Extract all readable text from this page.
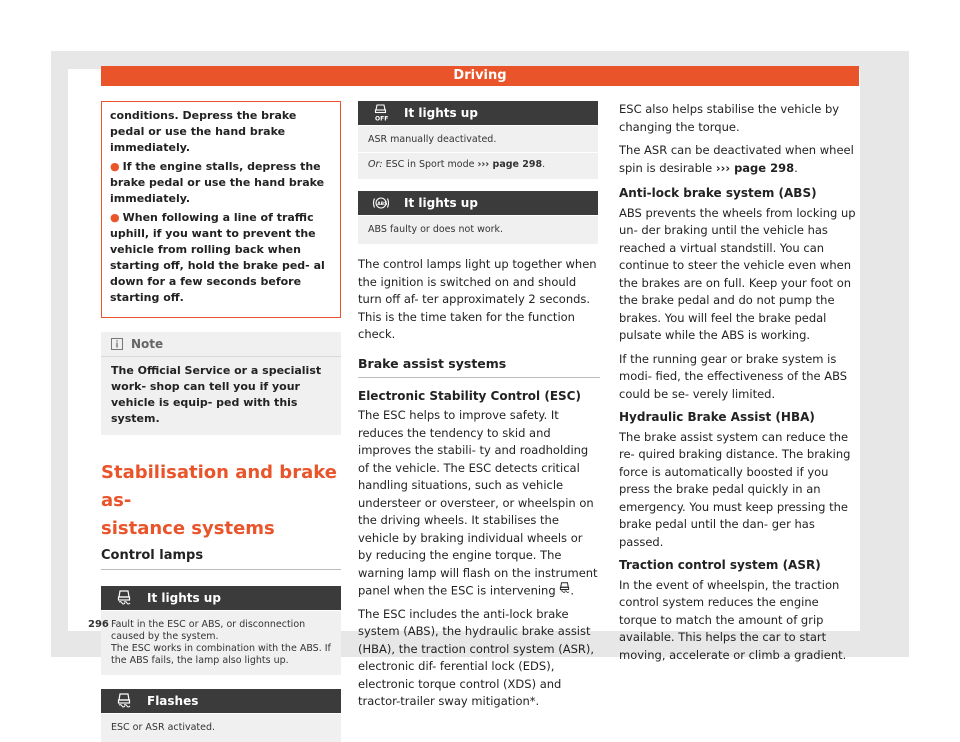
Driving

conditions. Depress the brake pedal or use the hand brake immediately.

● If the engine stalls, depress the brake pedal or use the hand brake immediately.

● When following a line of traffic uphill, if you want to prevent the vehicle from rolling back when starting off, hold the brake ped- al down for a few seconds before starting off.

Note
The Official Service or a specialist work- shop can tell you if your vehicle is equip- ped with this system.
Stabilisation and brake as-
sistance systems
Control lamps
It lights up
Fault in the ESC or ABS, or disconnection caused by the system.
The ESC works in combination with the ABS. If the ABS fails, the lamp also lights up.
Flashes
ESC or ASR activated.
OFF It lights up
ASR manually deactivated.
Or: ESC in Sport mode ››› page 298.
ABS It lights up
ABS faulty or does not work.

The control lamps light up together when the ignition is switched on and should turn off af- ter approximately 2 seconds. This is the time taken for the function check.

Brake assist systems
Electronic Stability Control (ESC)

The ESC helps to improve safety. It reduces the tendency to skid and improves the stabili- ty and roadholding of the vehicle. The ESC detects critical handling situations, such as vehicle understeer or oversteer, or wheelspin on the driving wheels. It stabilises the vehicle by braking individual wheels or by reducing the engine torque. The warning lamp will flash on the instrument panel when the ESC is intervening .

The ESC includes the anti-lock brake system (ABS), the hydraulic brake assist (HBA), the traction control system (ASR), electronic dif- ferential lock (EDS), electronic torque control (XDS) and tractor-trailer sway mitigation*.

ESC also helps stabilise the vehicle by changing the torque.

The ASR can be deactivated when wheel spin is desirable ››› page 298.

Anti-lock brake system (ABS)

ABS prevents the wheels from locking up un- der braking until the vehicle has reached a virtual standstill. You can continue to steer the vehicle even when the brakes are on full. Keep your foot on the brake pedal and do not pump the brakes. You will feel the brake pedal pulsate while the ABS is working.

If the running gear or brake system is modi- fied, the effectiveness of the ABS could be se- verely limited.

Hydraulic Brake Assist (HBA)

The brake assist system can reduce the re- quired braking distance. The braking force is automatically boosted if you press the brake pedal quickly in an emergency. You must keep pressing the brake pedal until the dan- ger has passed.

Traction control system (ASR)

In the event of wheelspin, the traction control system reduces the engine torque to match the amount of grip available. This helps the car to start moving, accelerate or climb a gradient.

296
